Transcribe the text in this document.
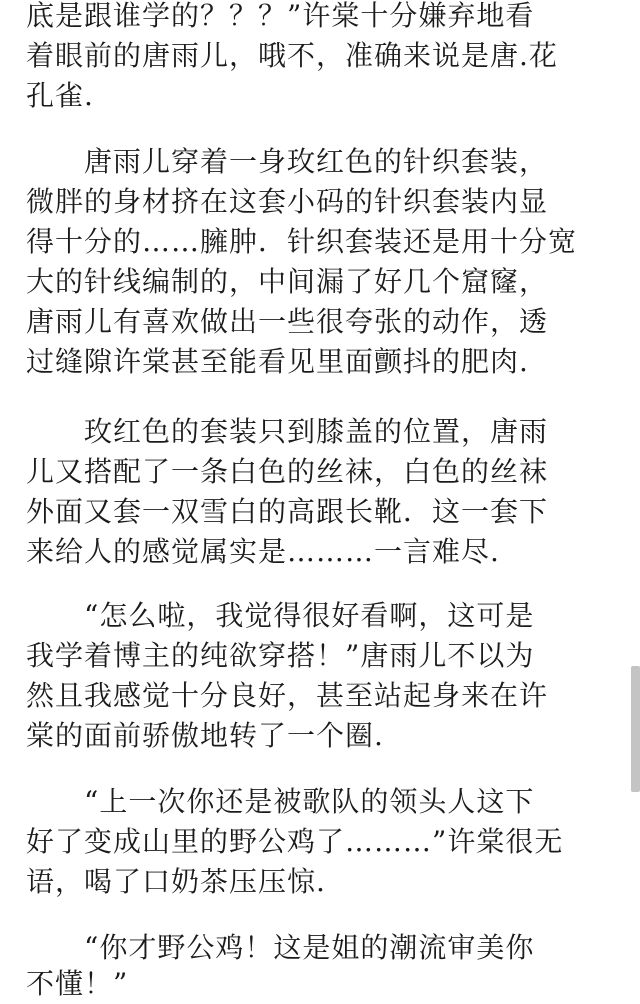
底是跟谁学的？？？”许棠十分嫌弃地看
着眼前的唐雨儿，哦不，准确来说是唐.花
孔雀.
　　唐雨儿穿着一身玫红色的针织套装，
微胖的身材挤在这套小码的针织套装内显
得十分的……臃肿．针织套装还是用十分宽
大的针线编制的，中间漏了好几个窟窿，
唐雨儿有喜欢做出一些很夸张的动作，透
过缝隙许棠甚至能看见里面颤抖的肥肉.
　　玫红色的套装只到膝盖的位置，唐雨
儿又搭配了一条白色的丝袜，白色的丝袜
外面又套一双雪白的高跟长靴．这一套下
来给人的感觉属实是………一言难尽.
　　“怎么啦，我觉得很好看啊，这可是
我学着博主的纯欲穿搭！”唐雨儿不以为
然且我感觉十分良好，甚至站起身来在许
棠的面前骄傲地转了一个圈.
　　“上一次你还是被歌队的领头人这下
好了变成山里的野公鸡了………”许棠很无
语，喝了口奶茶压压惊.
　　“你才野公鸡！这是姐的潮流审美你
不懂！”
